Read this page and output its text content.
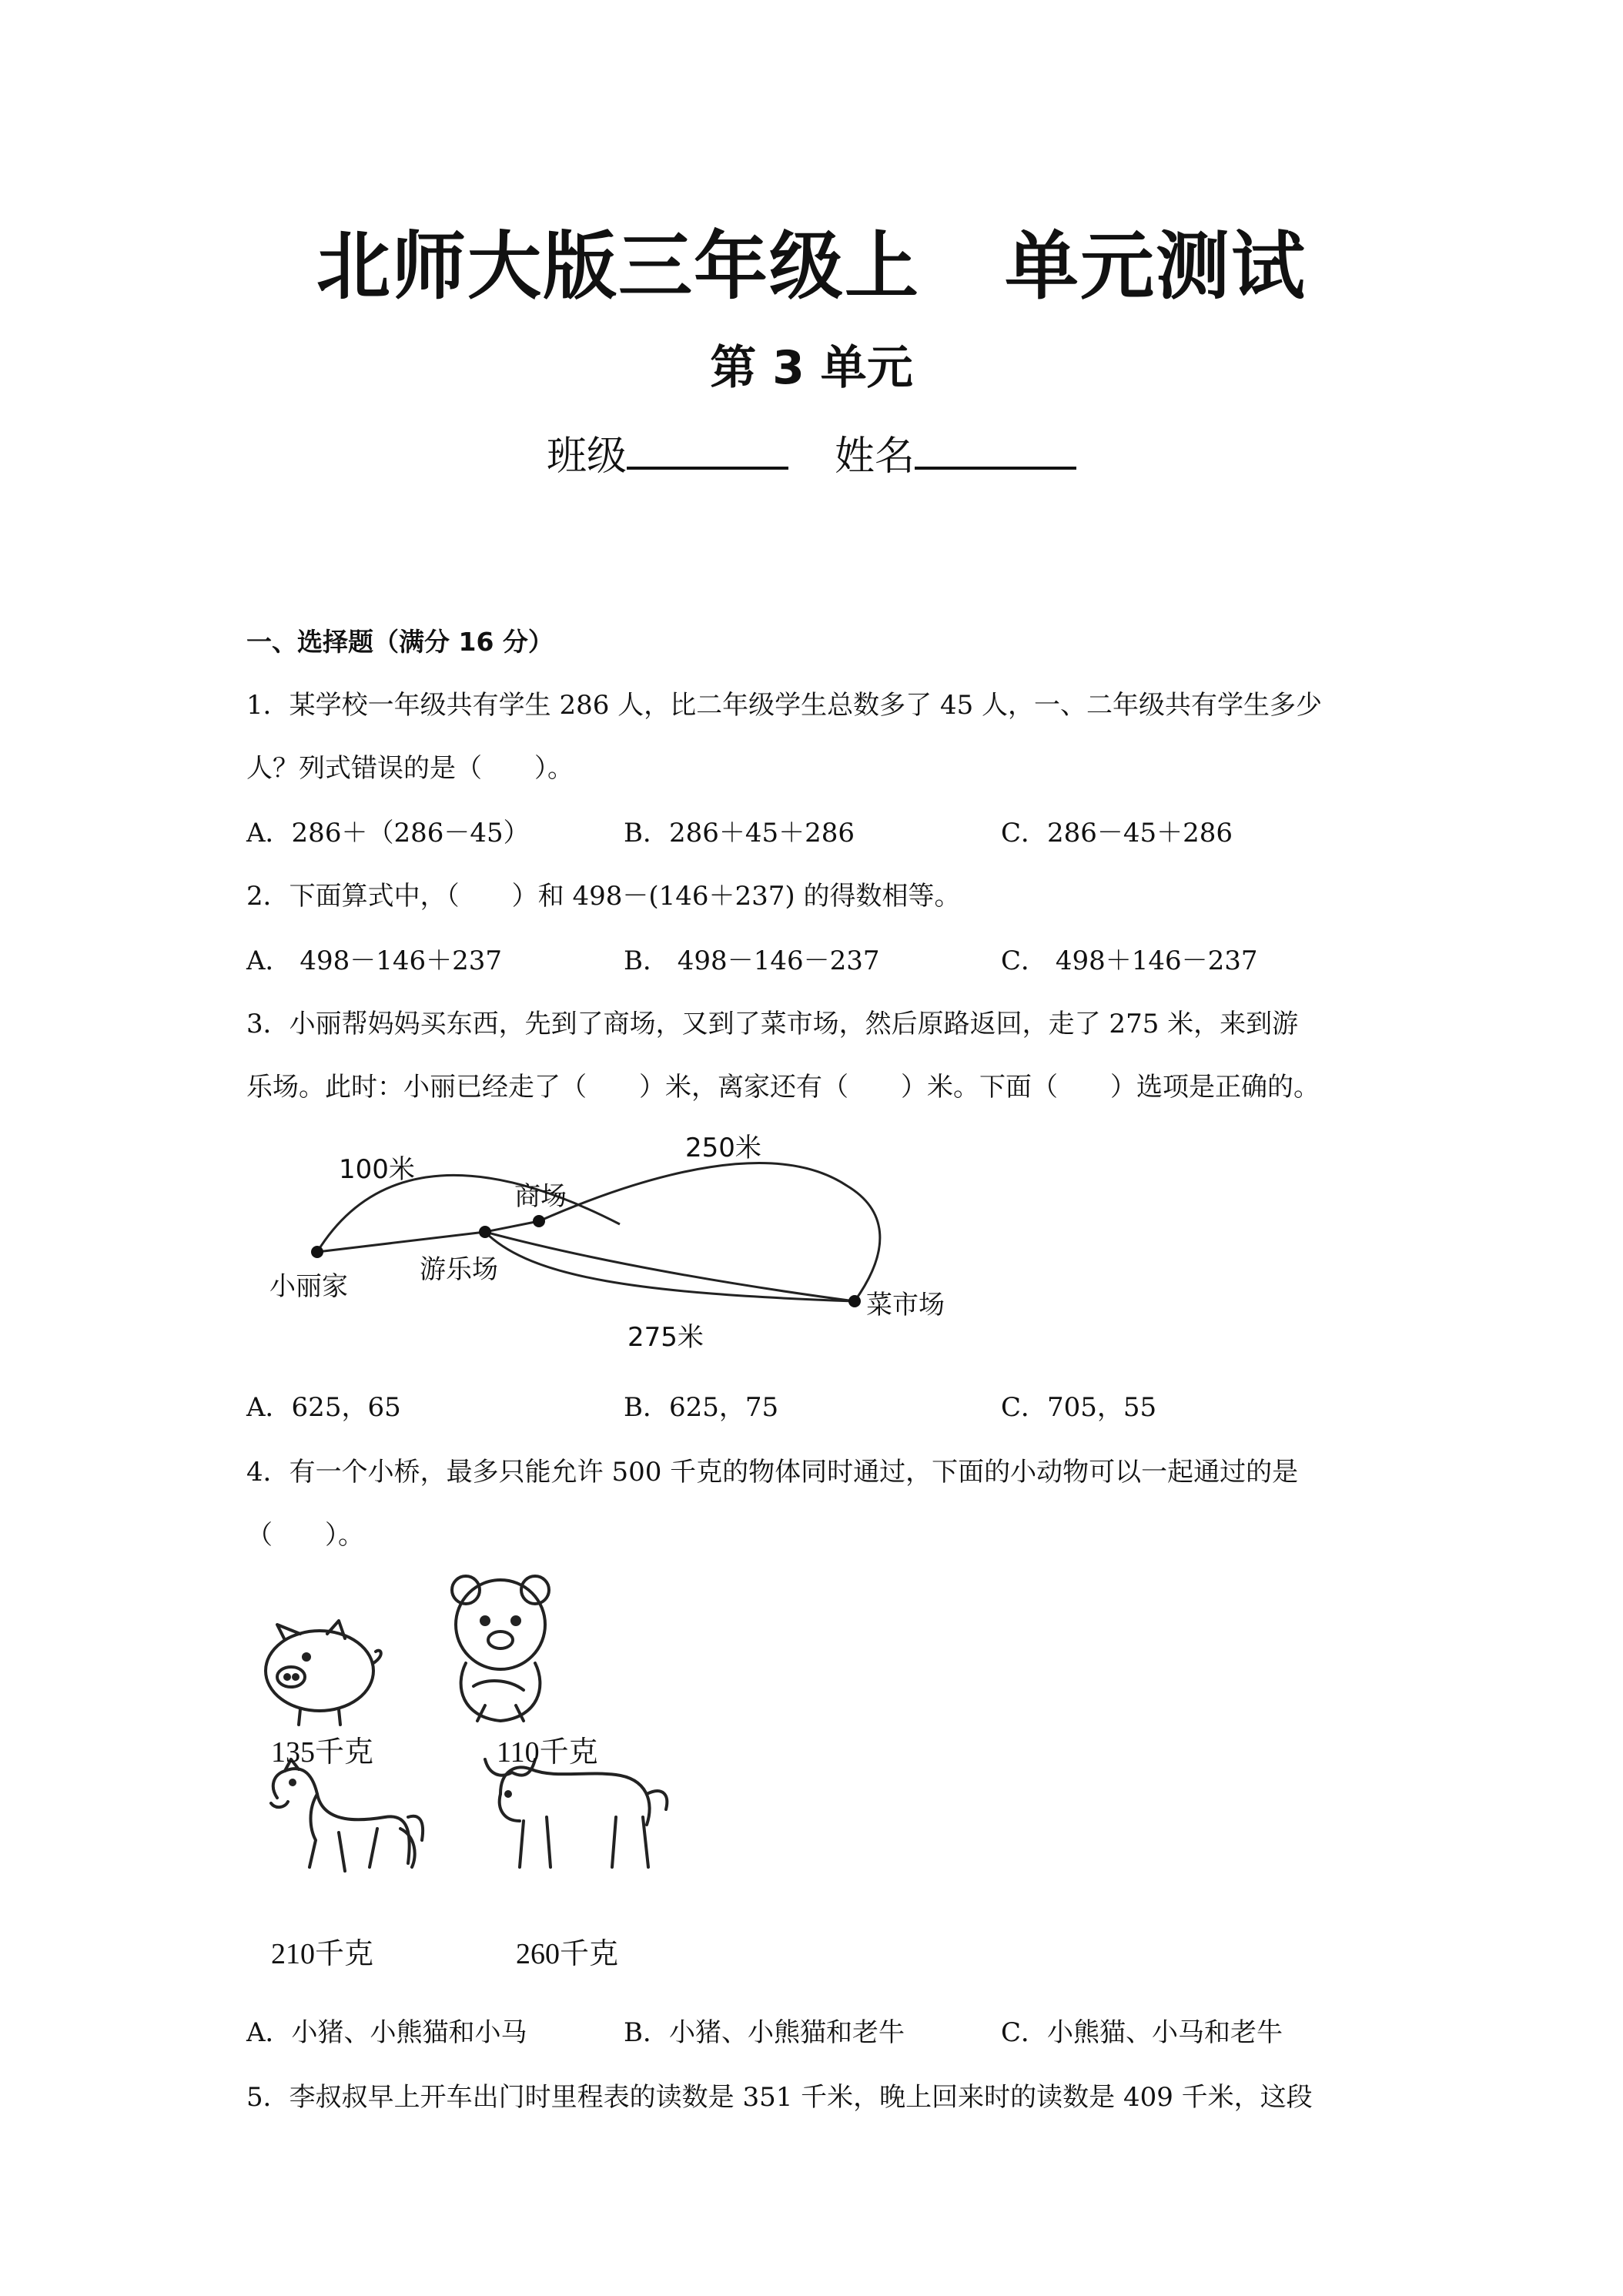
北师大版三年级上 单元测试
第 3 单元
班级	姓名
一、选择题（满分 16 分）
1．某学校一年级共有学生 286 人，比二年级学生总数多了 45 人，一、二年级共有学生多少
人？列式错误的是（　　）。
A．286＋（286－45）	B．286＋45＋286	C．286－45＋286
2．下面算式中，（　　）和 498－(146＋237) 的得数相等。
A． 498－146＋237	B． 498－146－237	C． 498＋146－237
3．小丽帮妈妈买东西，先到了商场，又到了菜市场，然后原路返回，走了 275 米，来到游
乐场。此时：小丽已经走了（　　）米，离家还有（　　）米。下面（　　）选项是正确的。
100米
250米
商场
小丽家
游乐场
菜市场
275米
A．625，65	B．625，75	C．705，55
4．有一个小桥，最多只能允许 500 千克的物体同时通过，下面的小动物可以一起通过的是
（　　）。
135千克	110千克
210千克	260千克
A．小猪、小熊猫和小马	B．小猪、小熊猫和老牛	C．小熊猫、小马和老牛
5．李叔叔早上开车出门时里程表的读数是 351 千米，晚上回来时的读数是 409 千米，这段
